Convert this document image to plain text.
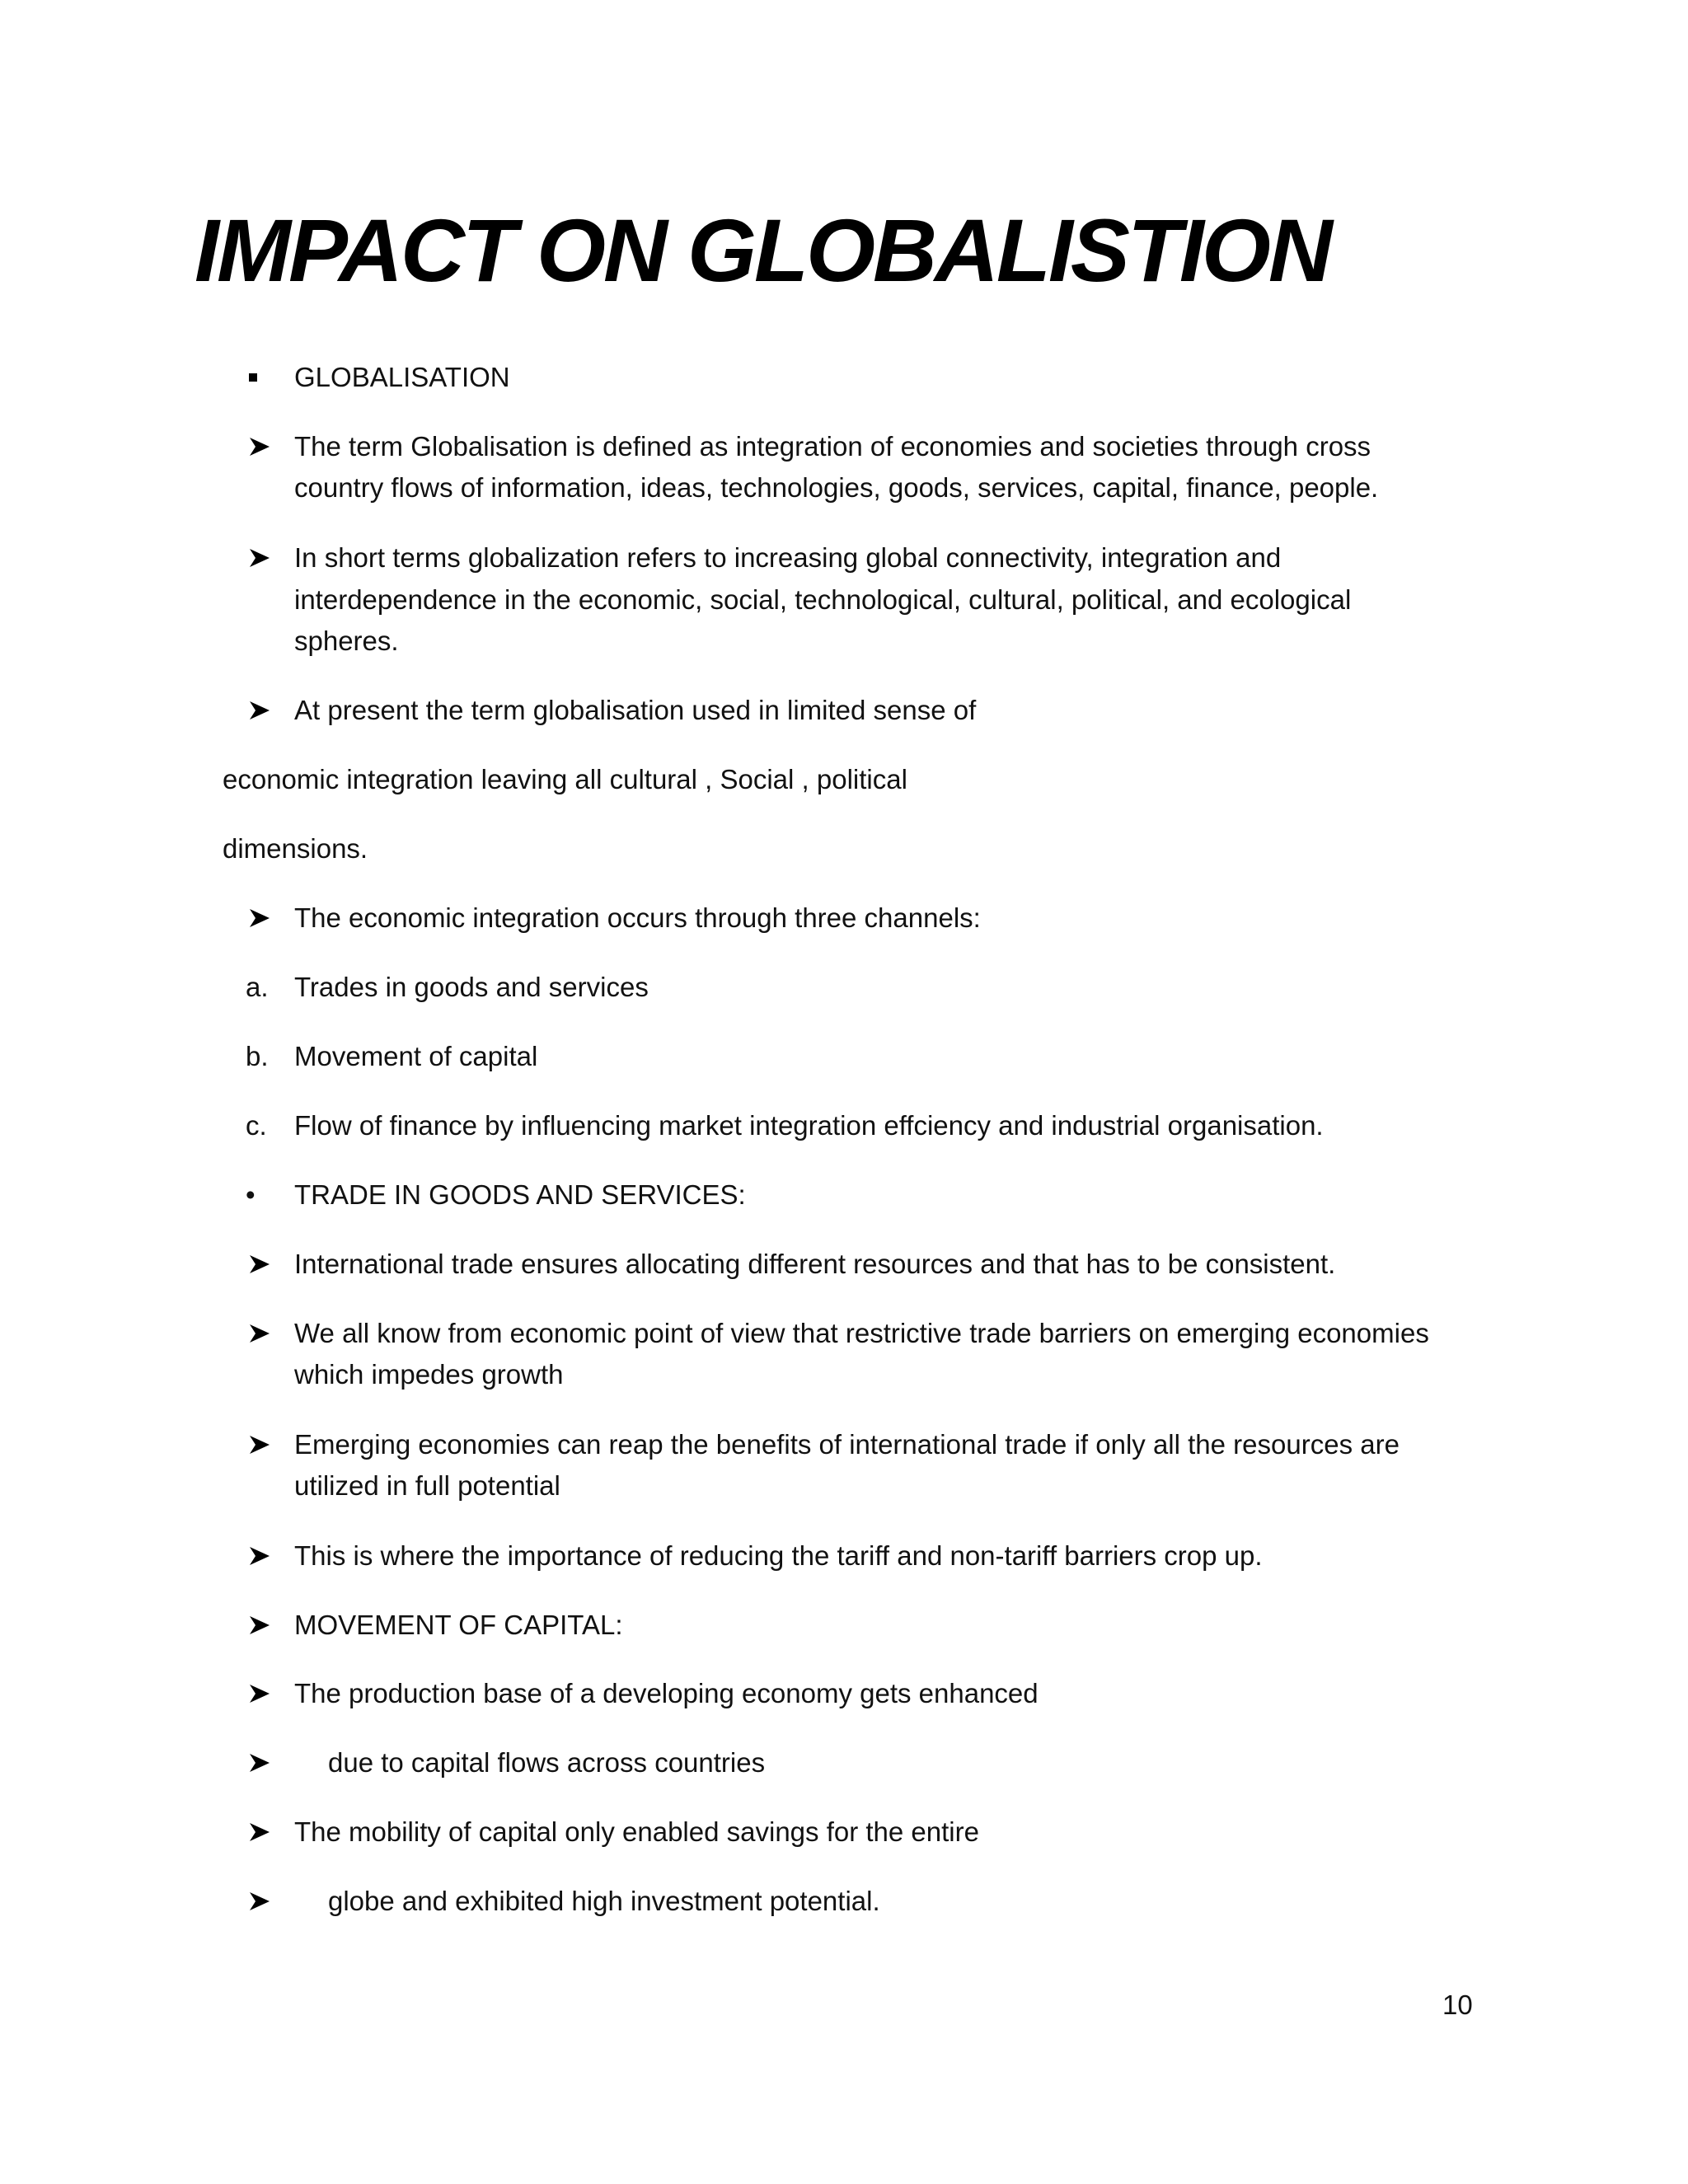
IMPACT ON GLOBALISTION
GLOBALISATION
The term Globalisation is defined as integration of economies and societies through cross
country flows of information, ideas, technologies, goods, services, capital, finance, people.
In short terms globalization refers to increasing global connectivity, integration and
interdependence in the economic, social, technological, cultural, political, and ecological
spheres.
At present the term globalisation used in limited sense of
economic integration leaving all cultural , Social , political
dimensions.
The economic integration occurs through three channels:
a. Trades in goods and services
b. Movement of capital
c. Flow of finance by influencing market integration effciency and industrial organisation.
• TRADE IN GOODS AND SERVICES:
International trade ensures allocating different resources and that has to be consistent.
We all know from economic point of view that restrictive trade barriers on emerging economies
which impedes growth
Emerging economies can reap the benefits of international trade if only all the resources are
utilized in full potential
This is where the importance of reducing the tariff and non-tariff barriers crop up.
MOVEMENT OF CAPITAL:
The production base of a developing economy gets enhanced
due to capital flows across countries
The mobility of capital only enabled savings for the entire
globe and exhibited high investment potential.
10
